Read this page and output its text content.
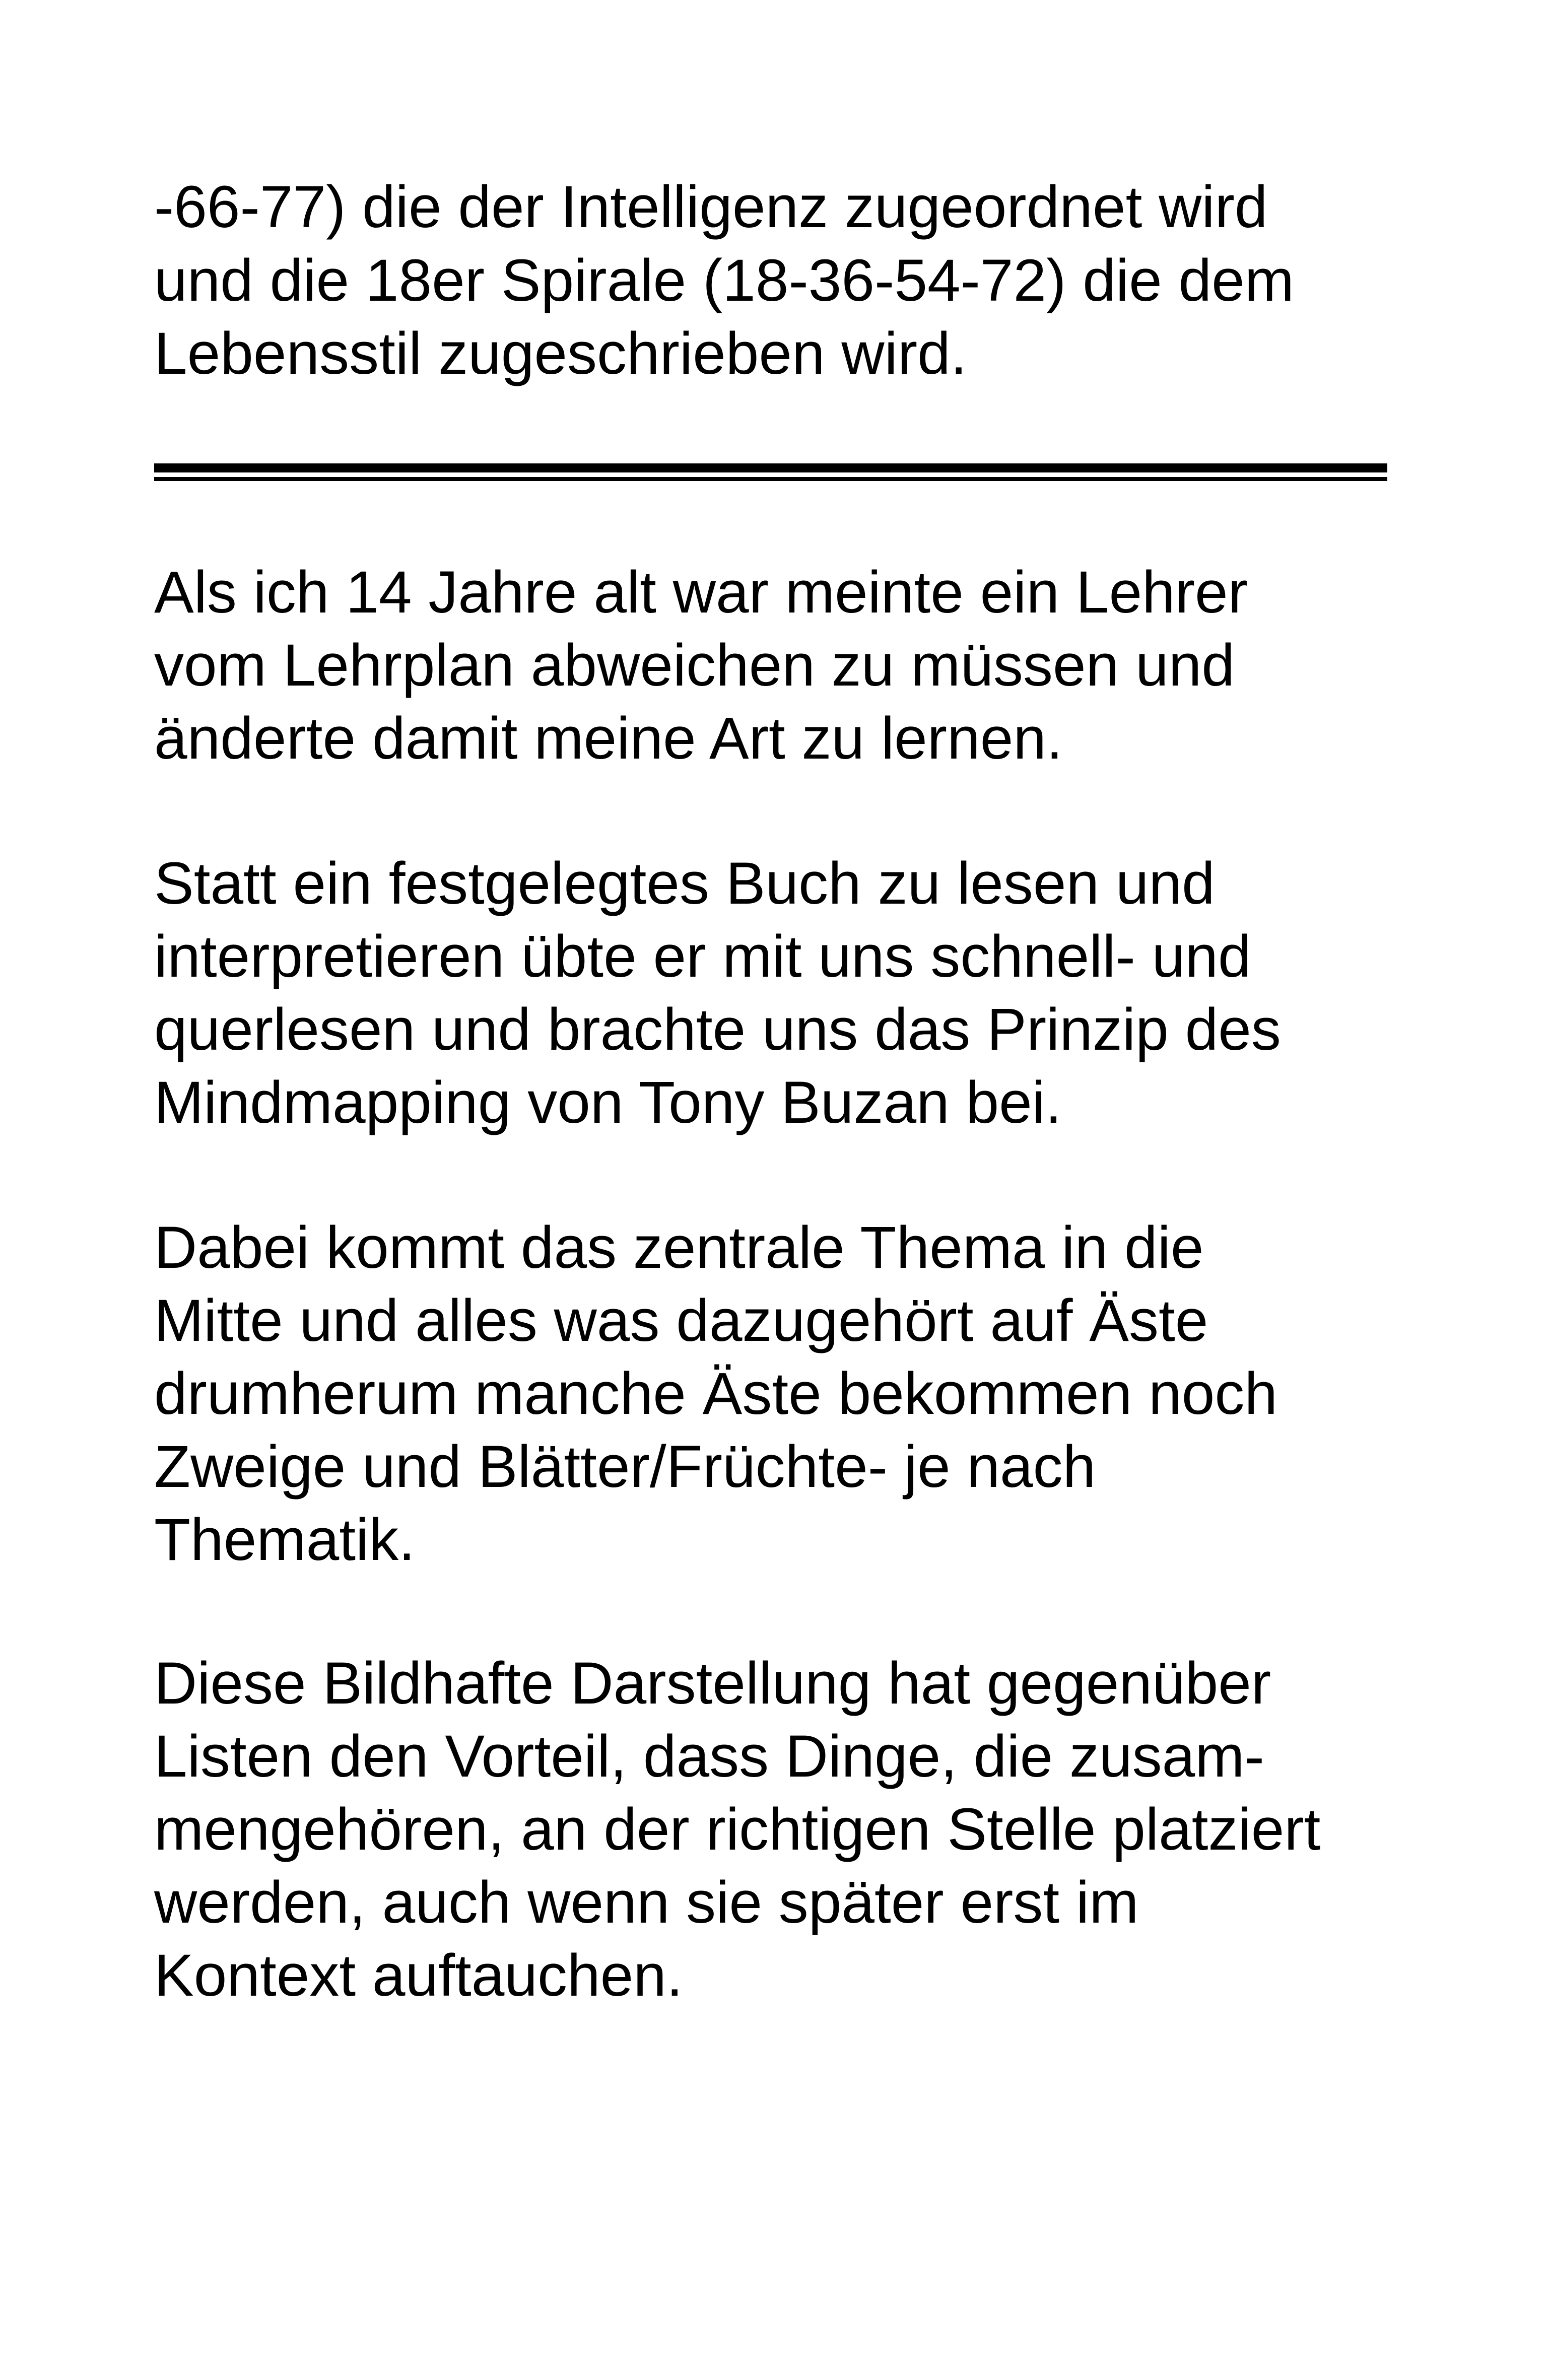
-66-77) die der Intelligenz zugeordnet wird

und die 18er Spirale (18-36-54-72) die dem

Lebensstil zugeschrieben wird.

Als ich 14 Jahre alt war meinte ein Lehrer

vom Lehrplan abweichen zu müssen und

änderte damit meine Art zu lernen.

Statt ein festgelegtes Buch zu lesen und

interpretieren übte er mit uns schnell- und

querlesen und brachte uns das Prinzip des

Mindmapping von Tony Buzan bei.

Dabei kommt das zentrale Thema in die

Mitte und alles was dazugehört auf Äste

drumherum manche Äste bekommen noch

Zweige und Blätter/Früchte- je nach

Thematik.

Diese Bildhafte Darstellung hat gegenüber

Listen den Vorteil, dass Dinge, die zusam-

mengehören, an der richtigen Stelle platziert

werden, auch wenn sie später erst im

Kontext auftauchen.
